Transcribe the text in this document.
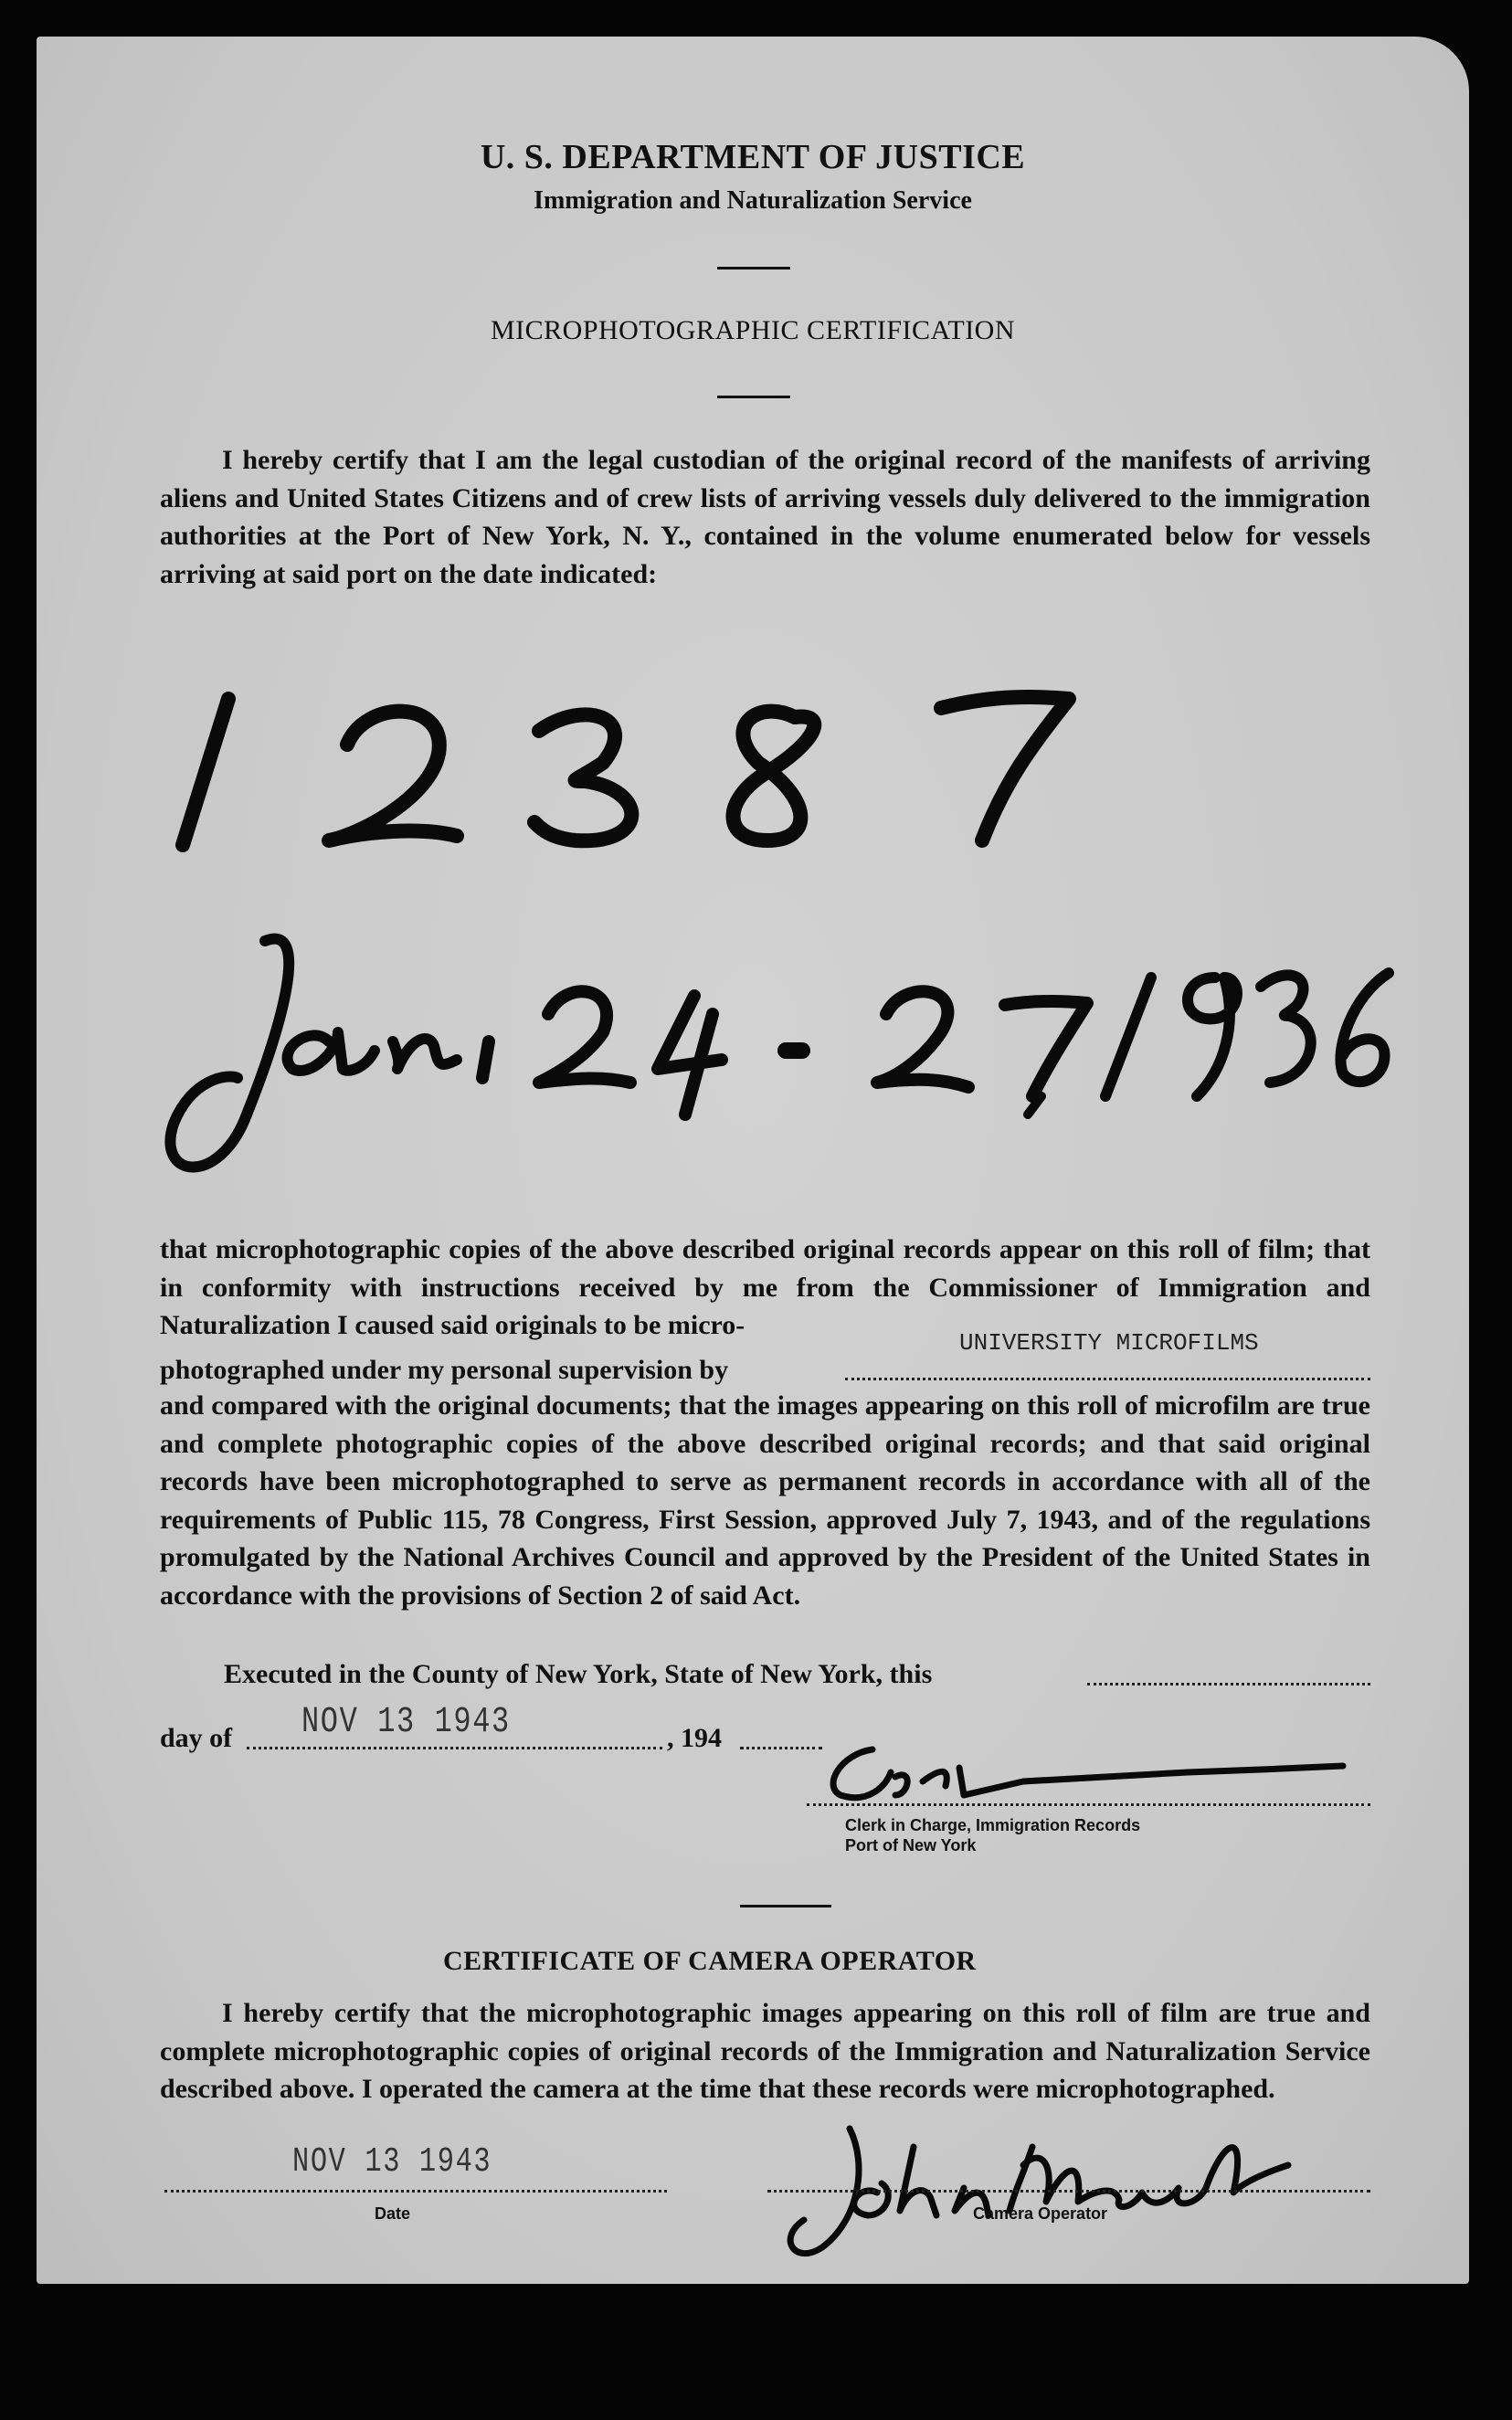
U. S. DEPARTMENT OF JUSTICE
Immigration and Naturalization Service
MICROPHOTOGRAPHIC CERTIFICATION
I hereby certify that I am the legal custodian of the original record of the manifests of arriving aliens and United States Citizens and of crew lists of arriving vessels duly delivered to the immigration authorities at the Port of New York, N. Y., contained in the volume enumerated below for vessels arriving at said port on the date indicated:
that microphotographic copies of the above described original records appear on this roll of film; that in conformity with instructions received by me from the Commissioner of Immigration and Naturalization I caused said originals to be micro-
UNIVERSITY MICROFILMS
photographed under my personal supervision by
and compared with the original documents; that the images appearing on this roll of microfilm are true and complete photographic copies of the above described original records; and that said original records have been microphotographed to serve as permanent records in accordance with all of the requirements of Public 115, 78 Congress, First Session, approved July 7, 1943, and of the regulations promulgated by the National Archives Council and approved by the President of the United States in accordance with the provisions of Section 2 of said Act.
Executed in the County of New York, State of New York, this
day of NOV 13 1943	, 194
Clerk in Charge, Immigration Records
Port of New York
CERTIFICATE OF CAMERA OPERATOR
I hereby certify that the microphotographic images appearing on this roll of film are true and complete microphotographic copies of original records of the Immigration and Naturalization Service described above. I operated the camera at the time that these records were microphotographed.
NOV 13 1943
Date	Camera Operator
